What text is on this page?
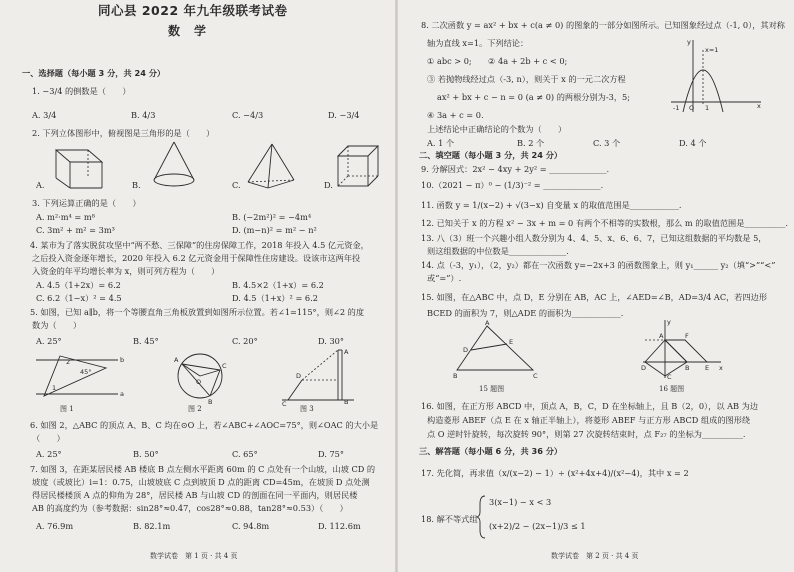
同心县 2022 年九年级联考试卷
数学
一、选择题（每小题 3 分，共 24 分）
1. −3/4 的倒数是（　　）
A. 3/4	B. 4/3	C. −4/3	D. −3/4
2. 下列立体图形中，俯视图是三角形的是（　　）
A.	B.	C.	D.
3. 下列运算正确的是（　　）
A. m²·m⁴ = m⁸	B. (−2m²)² = −4m⁴
C. 3m² + m² = 3m³	D. (m−n)² = m² − n²
4. 某市为了落实脱贫攻坚中“两不愁、三保障”的住房保障工作，2018 年投入 4.5 亿元资金，
之后投入资金逐年增长，2020 年投入 6.2 亿元资金用于保障性住房建设。设该市这两年投
入资金的年平均增长率为 x，则可列方程为（　　）
A. 4.5（1+2x）= 6.2	B. 4.5×2（1+x）= 6.2
C. 6.2（1−x）² = 4.5	D. 4.5（1+x）² = 6.2
5. 如图，已知 a∥b，将一个等腰直角三角板放置到如图所示位置。若∠1=115°，则∠2 的度
数为（　　）
A. 25°	B. 45°	C. 20°	D. 30°
b
a
45°
2
1
图 1
A
C
B
O
图 2
A
B
C
D
图 3
6. 如图 2，△ABC 的顶点 A、B、C 均在⊙O 上，若∠ABC+∠AOC=75°，则∠OAC 的大小是
（　　）
A. 25°	B. 50°	C. 65°	D. 75°
7. 如图 3，在距某居民楼 AB 楼底 B 点左侧水平距离 60m 的 C 点处有一个山坡，山坡 CD 的
坡度（或坡比）i=1：0.75，山坡坡底 C 点到坡顶 D 点的距离 CD=45m，在坡顶 D 点处测
得居民楼楼顶 A 点的仰角为 28°，居民楼 AB 与山坡 CD 的剖面在同一平面内，则居民楼
AB 的高度约为（参考数据：sin28°≈0.47，cos28°≈0.88，tan28°≈0.53）（　　）
A. 76.9m	B. 82.1m	C. 94.8m	D. 112.6m
数学试卷　第 1 页 · 共 4 页
8. 二次函数 y = ax² + bx + c(a ≠ 0) 的图象的一部分如图所示。已知图象经过点（-1, 0），其对称
轴为直线 x=1。下列结论：
① abc > 0;　　② 4a + 2b + c < 0;
③ 若抛物线经过点（-3, n），则关于 x 的一元二次方程
ax² + bx + c − n = 0 (a ≠ 0) 的两根分别为-3，5;
④ 3a + c = 0.
上述结论中正确结论的个数为（　　）
A. 1 个	B. 2 个	C. 3 个	D. 4 个
x=1
x
y
-1 O 1
二、填空题（每小题 3 分，共 24 分）
9. 分解因式：2x² − 4xy + 2y² = ______________.
10.（2021 − π）⁰ − (1/3)⁻² = ______________.
11. 函数 y = 1/(x−2) + √(3−x) 自变量 x 的取值范围是____________.
12. 已知关于 x 的方程 x² − 3x + m = 0 有两个不相等的实数根，那么 m 的取值范围是__________.
13. 八（3）班一个兴趣小组人数分别为 4、4、5、x、6、6、7，已知这组数据的平均数是 5，
则这组数据的中位数是______________.
14. 点（-3，y₁），（2，y₂）都在一次函数 y=−2x+3 的函数图象上，则 y₁______ y₂（填“>”“<”
或“=”）.
15. 如图，在△ABC 中，点 D，E 分别在 AB，AC 上，∠AED=∠B，AD=3/4 AC，若四边形
BCED 的面积为 7，则△ADE 的面积为____________.
A
B	C
D
E
15 题图
A
B
C
D	E
F
x
y
16 题图
16. 如图，在正方形 ABCD 中，顶点 A，B，C，D 在坐标轴上，且 B（2，0），以 AB 为边
构造菱形 ABEF（点 E 在 x 轴正半轴上），将菱形 ABEF 与正方形 ABCD 组成的图形绕
点 O 逆时针旋转，每次旋转 90°，则第 27 次旋转结束时，点 F₂₇ 的坐标为__________.
三、解答题（每小题 6 分，共 36 分）
17. 先化简，再求值（x/(x−2) − 1）÷ (x²+4x+4)/(x²−4)，其中 x = 2
18. 解不等式组
3(x−1) − x < 3
(x+2)/2 − (2x−1)/3 ≤ 1
数学试卷　第 2 页 · 共 4 页
